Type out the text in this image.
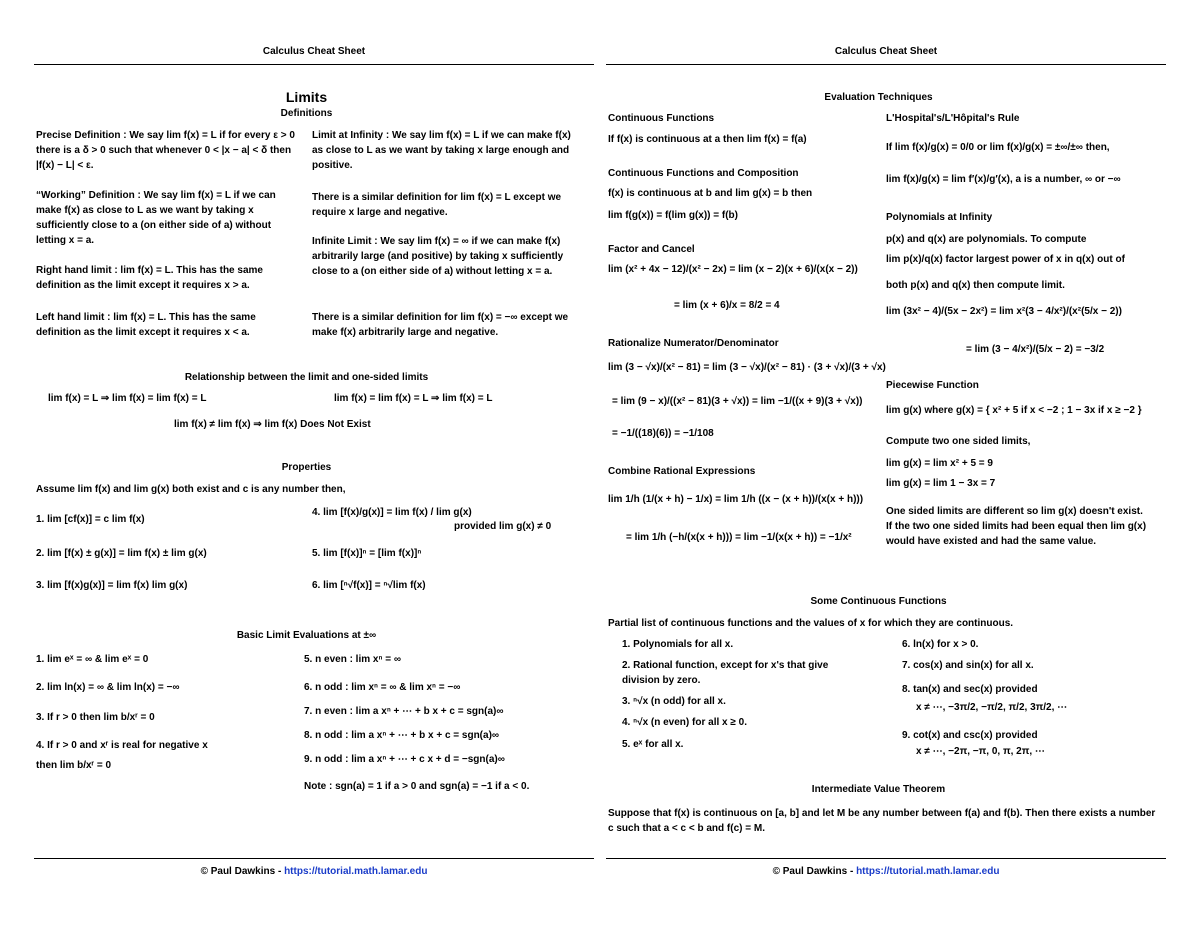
Calculus Cheat Sheet
Limits
Definitions
Precise Definition : We say lim f(x) = L if for every ε > 0 there is a δ > 0 such that whenever 0 < |x − a| < δ then |f(x) − L| < ε.
“Working” Definition : We say lim f(x) = L if we can make f(x) as close to L as we want by taking x sufficiently close to a (on either side of a) without letting x = a.
Right hand limit : lim f(x) = L. This has the same definition as the limit except it requires x > a.
Left hand limit : lim f(x) = L. This has the same definition as the limit except it requires x < a.
Limit at Infinity : We say lim f(x) = L if we can make f(x) as close to L as we want by taking x large enough and positive.
There is a similar definition for lim f(x) = L except we require x large and negative.
Infinite Limit : We say lim f(x) = ∞ if we can make f(x) arbitrarily large (and positive) by taking x sufficiently close to a (on either side of a) without letting x = a.
There is a similar definition for lim f(x) = −∞ except we make f(x) arbitrarily large and negative.
Relationship between the limit and one-sided limits
lim f(x) = L ⇒ lim f(x) = lim f(x) = L	lim f(x) = lim f(x) = L ⇒ lim f(x) = L
lim f(x) ≠ lim f(x) ⇒ lim f(x) Does Not Exist
Properties
Assume lim f(x) and lim g(x) both exist and c is any number then,
1. lim [cf(x)] = c lim f(x)
2. lim [f(x) ± g(x)] = lim f(x) ± lim g(x)
3. lim [f(x)g(x)] = lim f(x) lim g(x)
4. lim [f(x)/g(x)] = lim f(x) / lim g(x)
provided lim g(x) ≠ 0
5. lim [f(x)]ⁿ = [lim f(x)]ⁿ
6. lim [ⁿ√f(x)] = ⁿ√lim f(x)
Basic Limit Evaluations at ±∞
1. lim eˣ = ∞ & lim eˣ = 0
2. lim ln(x) = ∞ & lim ln(x) = −∞
3. If r > 0 then lim b/xʳ = 0
4. If r > 0 and xʳ is real for negative x
then lim b/xʳ = 0
5. n even : lim xⁿ = ∞
6. n odd : lim xⁿ = ∞ & lim xⁿ = −∞
7. n even : lim a xⁿ + ⋯ + b x + c = sgn(a)∞
8. n odd : lim a xⁿ + ⋯ + b x + c = sgn(a)∞
9. n odd : lim a xⁿ + ⋯ + c x + d = −sgn(a)∞
Note : sgn(a) = 1 if a > 0 and sgn(a) = −1 if a < 0.
© Paul Dawkins - https://tutorial.math.lamar.edu
Calculus Cheat Sheet
Evaluation Techniques
Continuous Functions
If f(x) is continuous at a then lim f(x) = f(a)
Continuous Functions and Composition
f(x) is continuous at b and lim g(x) = b then
lim f(g(x)) = f(lim g(x)) = f(b)
Factor and Cancel
lim (x² + 4x − 12)/(x² − 2x) = lim (x − 2)(x + 6)/(x(x − 2))
= lim (x + 6)/x = 8/2 = 4
Rationalize Numerator/Denominator
lim (3 − √x)/(x² − 81) = lim (3 − √x)/(x² − 81) · (3 + √x)/(3 + √x)
= lim (9 − x)/((x² − 81)(3 + √x)) = lim −1/((x + 9)(3 + √x))
= −1/((18)(6)) = −1/108
Combine Rational Expressions
lim 1/h (1/(x + h) − 1/x) = lim 1/h ((x − (x + h))/(x(x + h)))
= lim 1/h (−h/(x(x + h))) = lim −1/(x(x + h)) = −1/x²
L'Hospital's/L'Hôpital's Rule
If lim f(x)/g(x) = 0/0 or lim f(x)/g(x) = ±∞/±∞ then,
lim f(x)/g(x) = lim f′(x)/g′(x), a is a number, ∞ or −∞
Polynomials at Infinity
p(x) and q(x) are polynomials. To compute
lim p(x)/q(x) factor largest power of x in q(x) out of
both p(x) and q(x) then compute limit.
lim (3x² − 4)/(5x − 2x²) = lim x²(3 − 4/x²)/(x²(5/x − 2))
= lim (3 − 4/x²)/(5/x − 2) = −3/2
Piecewise Function
lim g(x) where g(x) = { x² + 5 if x < −2 ; 1 − 3x if x ≥ −2 }
Compute two one sided limits,
lim g(x) = lim x² + 5 = 9
lim g(x) = lim 1 − 3x = 7
One sided limits are different so lim g(x) doesn't exist. If the two one sided limits had been equal then lim g(x) would have existed and had the same value.
Some Continuous Functions
Partial list of continuous functions and the values of x for which they are continuous.
1. Polynomials for all x.
2. Rational function, except for x's that give division by zero.
3. ⁿ√x (n odd) for all x.
4. ⁿ√x (n even) for all x ≥ 0.
5. eˣ for all x.
6. ln(x) for x > 0.
7. cos(x) and sin(x) for all x.
8. tan(x) and sec(x) provided
x ≠ ⋯, −3π/2, −π/2, π/2, 3π/2, ⋯
9. cot(x) and csc(x) provided
x ≠ ⋯, −2π, −π, 0, π, 2π, ⋯
Intermediate Value Theorem
Suppose that f(x) is continuous on [a, b] and let M be any number between f(a) and f(b). Then there exists a number c such that a < c < b and f(c) = M.
© Paul Dawkins - https://tutorial.math.lamar.edu
